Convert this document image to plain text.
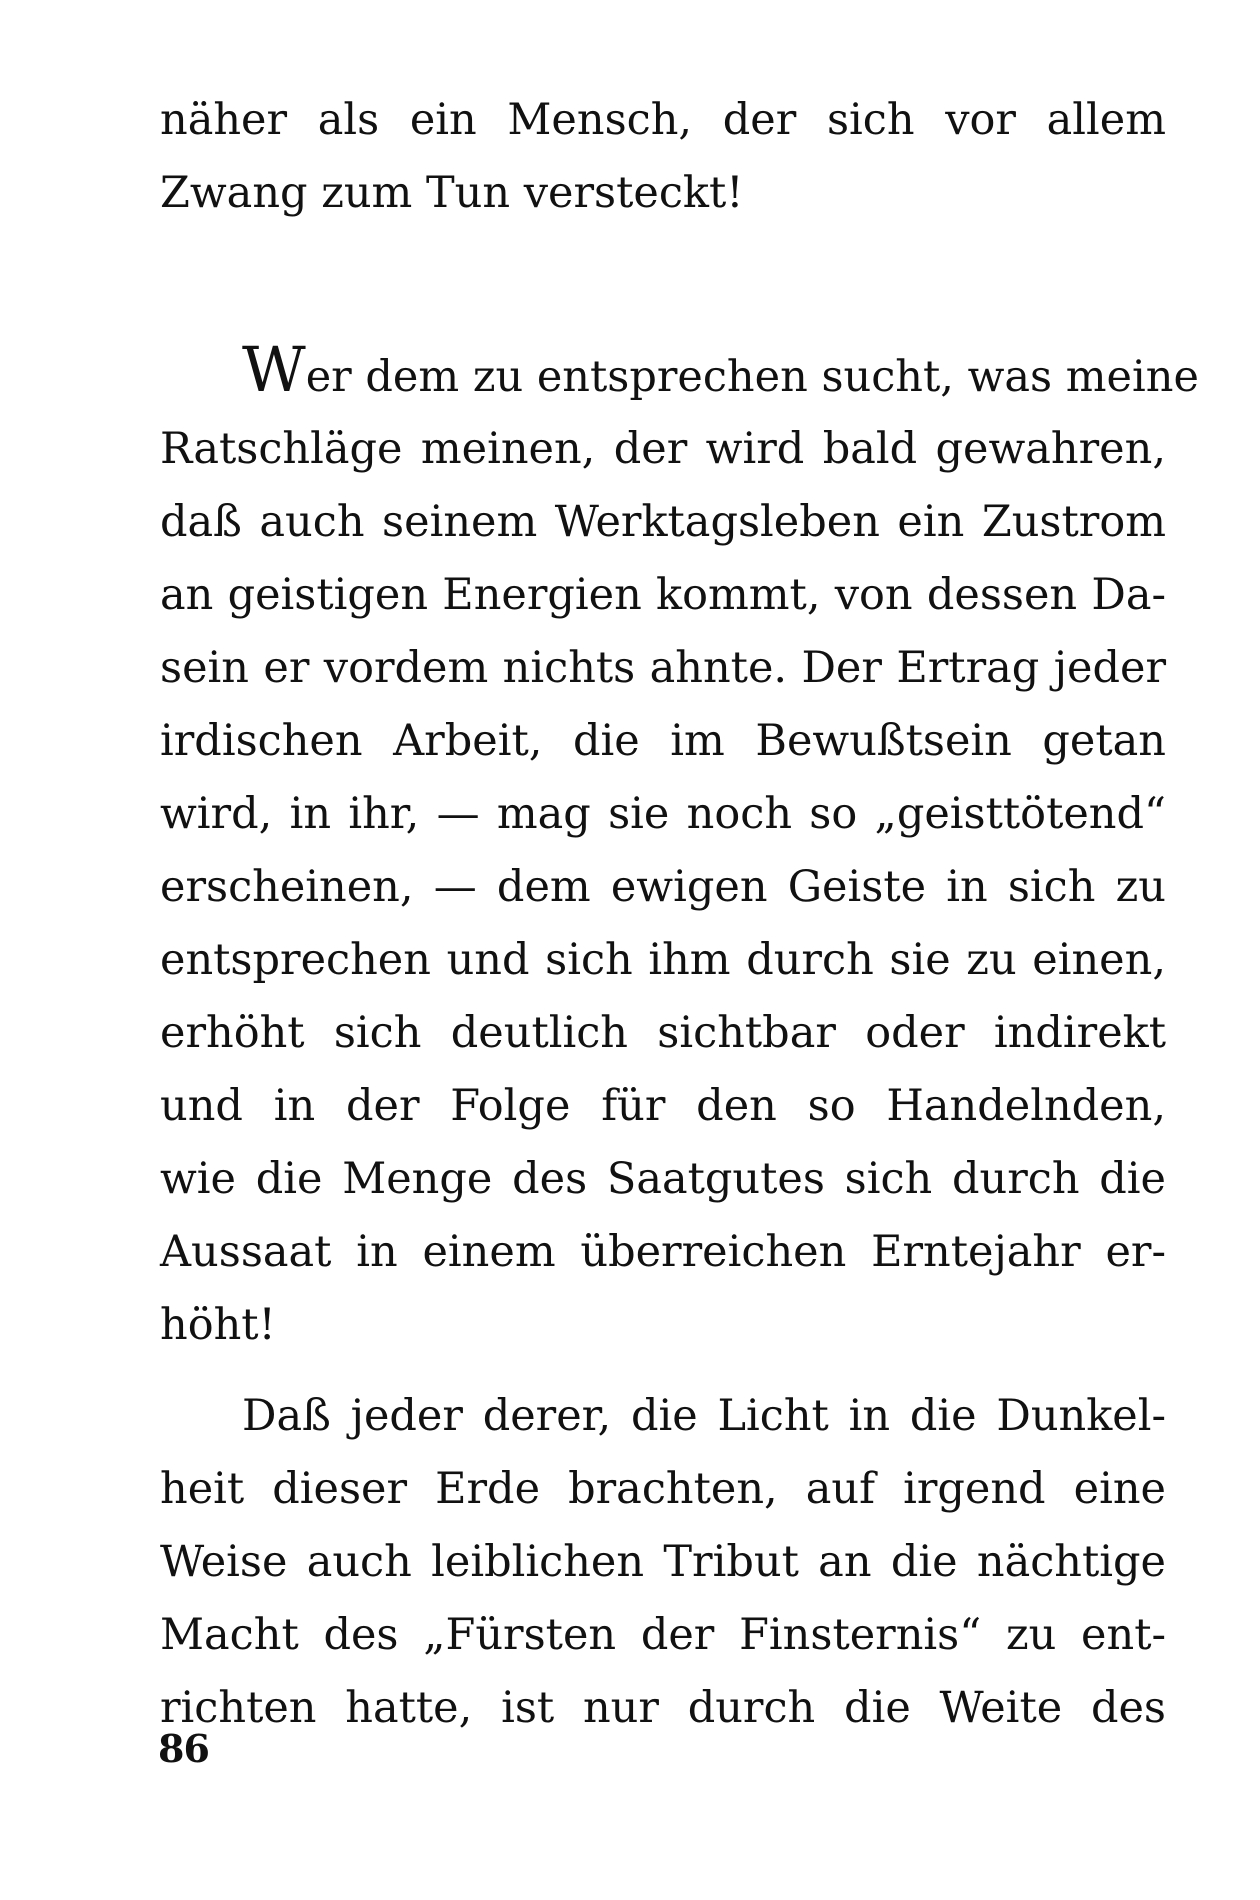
näher als ein Mensch, der sich vor allem
Zwang zum Tun versteckt!
Wer dem zu entsprechen sucht, was meine
Ratschläge meinen, der wird bald gewahren,
daß auch seinem Werktagsleben ein Zustrom
an geistigen Energien kommt, von dessen Da-
sein er vordem nichts ahnte. Der Ertrag jeder
irdischen Arbeit, die im Bewußtsein getan
wird, in ihr, — mag sie noch so „geisttötend“
erscheinen, — dem ewigen Geiste in sich zu
entsprechen und sich ihm durch sie zu einen,
erhöht sich deutlich sichtbar oder indirekt
und in der Folge für den so Handelnden,
wie die Menge des Saatgutes sich durch die
Aussaat in einem überreichen Erntejahr er-
höht!
Daß jeder derer, die Licht in die Dunkel-
heit dieser Erde brachten, auf irgend eine
Weise auch leiblichen Tribut an die nächtige
Macht des „Fürsten der Finsternis“ zu ent-
richten hatte, ist nur durch die Weite des
86
